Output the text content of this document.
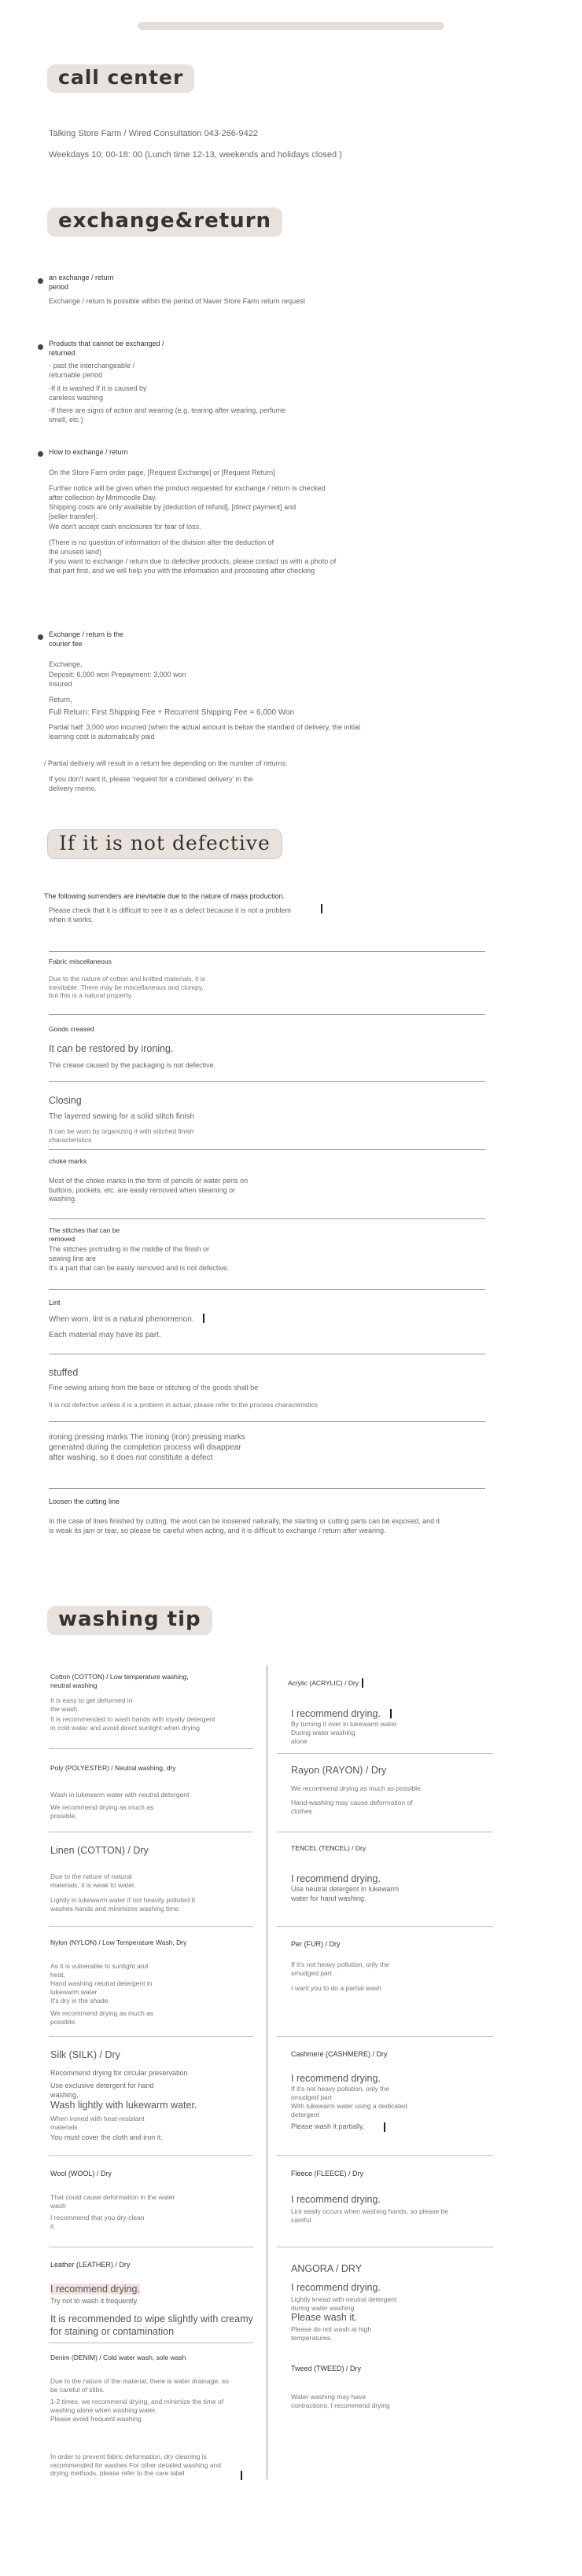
call center
Talking Store Farm / Wired Consultation 043-266-9422
Weekdays 10: 00-18: 00 (Lunch time 12-13, weekends and holidays closed )
exchange&return
an exchange / return period
Exchange / return is possible within the period of Naver Store Farm return request
Products that cannot be exchanged / returned
- past the interchangeable / returnable period
-If it is washed If it is caused by careless washing
-If there are signs of action and wearing (e.g. tearing after wearing, perfume smell, etc.)
How to exchange / return
On the Store Farm order page, [Request Exchange] or [Request Return]
Further notice will be given when the product requested for exchange / return is checked after collection by Mmmoodle Day.
Shipping costs are only available by [deduction of refund], [direct payment] and [seller transfer].
We don't accept cash enclosures for fear of loss.
(There is no question of information of the division after the deduction of the unused land)
If you want to exchange / return due to defective products, please contact us with a photo of that part first, and we will help you with the information and processing after checking
Exchange / return is the courier fee
Exchange,
Deposit: 6,000 won Prepayment: 3,000 won insured
Return,
Full Return: First Shipping Fee + Recurrent Shipping Fee = 6,000 Won
Partial half: 3,000 won incurred (when the actual amount is below the standard of delivery, the initial learning cost is automatically paid
/ Partial delivery will result in a return fee depending on the number of returns.
If you don't want it, please 'request for a combined delivery' in the delivery memo.
If it is not defective
The following surrenders are inevitable due to the nature of mass production.
Please check that it is difficult to see it as a defect because it is not a problem when it works.
Fabric miscellaneous
Due to the nature of cotton and knitted materials, it is inevitable. There may be miscellaneous and clumpy, but this is a natural property.
Goods creased
It can be restored by ironing.
The crease caused by the packaging is not defective.
Closing
The layered sewing for a solid stitch finish
It can be worn by organizing it with stitched finish characteristics
choke marks
Most of the choke marks in the form of pencils or water pens on buttons, pockets, etc. are easily removed when steaming or washing.
The stitches that can be removed
The stitches protruding in the middle of the finish or sewing line are
It's a part that can be easily removed and is not defective.
Lint
When worn, lint is a natural phenomenon.
Each material may have its part.
stuffed
Fine sewing arising from the base or stitching of the goods shall be
It is not defective unless it is a problem in actual, please refer to the process characteristics
ironing pressing marks The ironing (iron) pressing marks generated during the completion process will disappear after washing, so it does not constitute a defect
Loosen the cutting line
In the case of lines finished by cutting, the wool can be loosened naturally, the starting or cutting parts can be exposed, and it is weak its jam or tear, so please be careful when acting, and it is difficult to exchange / return after wearing.
washing tip
Cotton (COTTON) / Low temperature washing, neutral washing
It is easy to get deformed in the wash.
It is recommended to wash hands with loyalty detergent in cold water and avoid direct sunlight when drying
Poly (POLYESTER) / Neutral washing, dry
Wash in lukewarm water with neutral detergent
We recommend drying as much as possible.
Linen (COTTON) / Dry
Due to the nature of natural materials, it is weak to water,
Lightly in lukewarm water if not heavily polluted It washes hands and minimizes washing time.
Nylon (NYLON) / Low Temperature Wash, Dry
As it is vulnerable to sunlight and heat,
Hand washing neutral detergent in lukewarm water
It's dry in the shade
We recommend drying as much as possible.
Silk (SILK) / Dry
Recommend drying for circular preservation
Use exclusive detergent for hand washing,
Wash lightly with lukewarm water.
When ironed with heat-resistant materials
You must cover the cloth and iron it.
Wool (WOOL) / Dry
That could cause deformation in the water wash
I recommend that you dry-clean it.
Leather (LEATHER) / Dry
I recommend drying.
Try not to wash it frequently.
It is recommended to wipe slightly with creamy for staining or contamination
Denim (DENIM) / Cold water wash, sole wash
Due to the nature of the material, there is water drainage, so be careful of stibs.
1-2 times, we recommend drying, and minimize the time of washing alone when washing water.
Please avoid frequent washing.
In order to prevent fabric deformation, dry cleaning is recommended for washes For other detailed washing and drying methods, please refer to the care label
Acrylic (ACRYLIC) / Dry
I recommend drying.
By turning it over in lukewarm water During water washing
alone
Rayon (RAYON) / Dry
We recommend drying as much as possible.
Hand-washing may cause deformation of clothes
TENCEL (TENCEL) / Dry
I recommend drying.
Use neutral detergent in lukewarm water for hand washing.
Per (FUR) / Dry
If it's not heavy pollution, only the smudged part
I want you to do a partial wash
Cashmere (CASHMERE) / Dry
I recommend drying.
If it's not heavy pollution, only the smudged part
With lukewarm water using a dedicated detergent
Please wash it partially.
Fleece (FLEECE) / Dry
I recommend drying.
Lint easily occurs when washing hands, so please be careful.
ANGORA / DRY
I recommend drying.
Lightly knead with neutral detergent during water washing
Please wash it.
Please do not wash at high temperatures.
Tweed (TWEED) / Dry
Water washing may have contractions, I recommend drying
